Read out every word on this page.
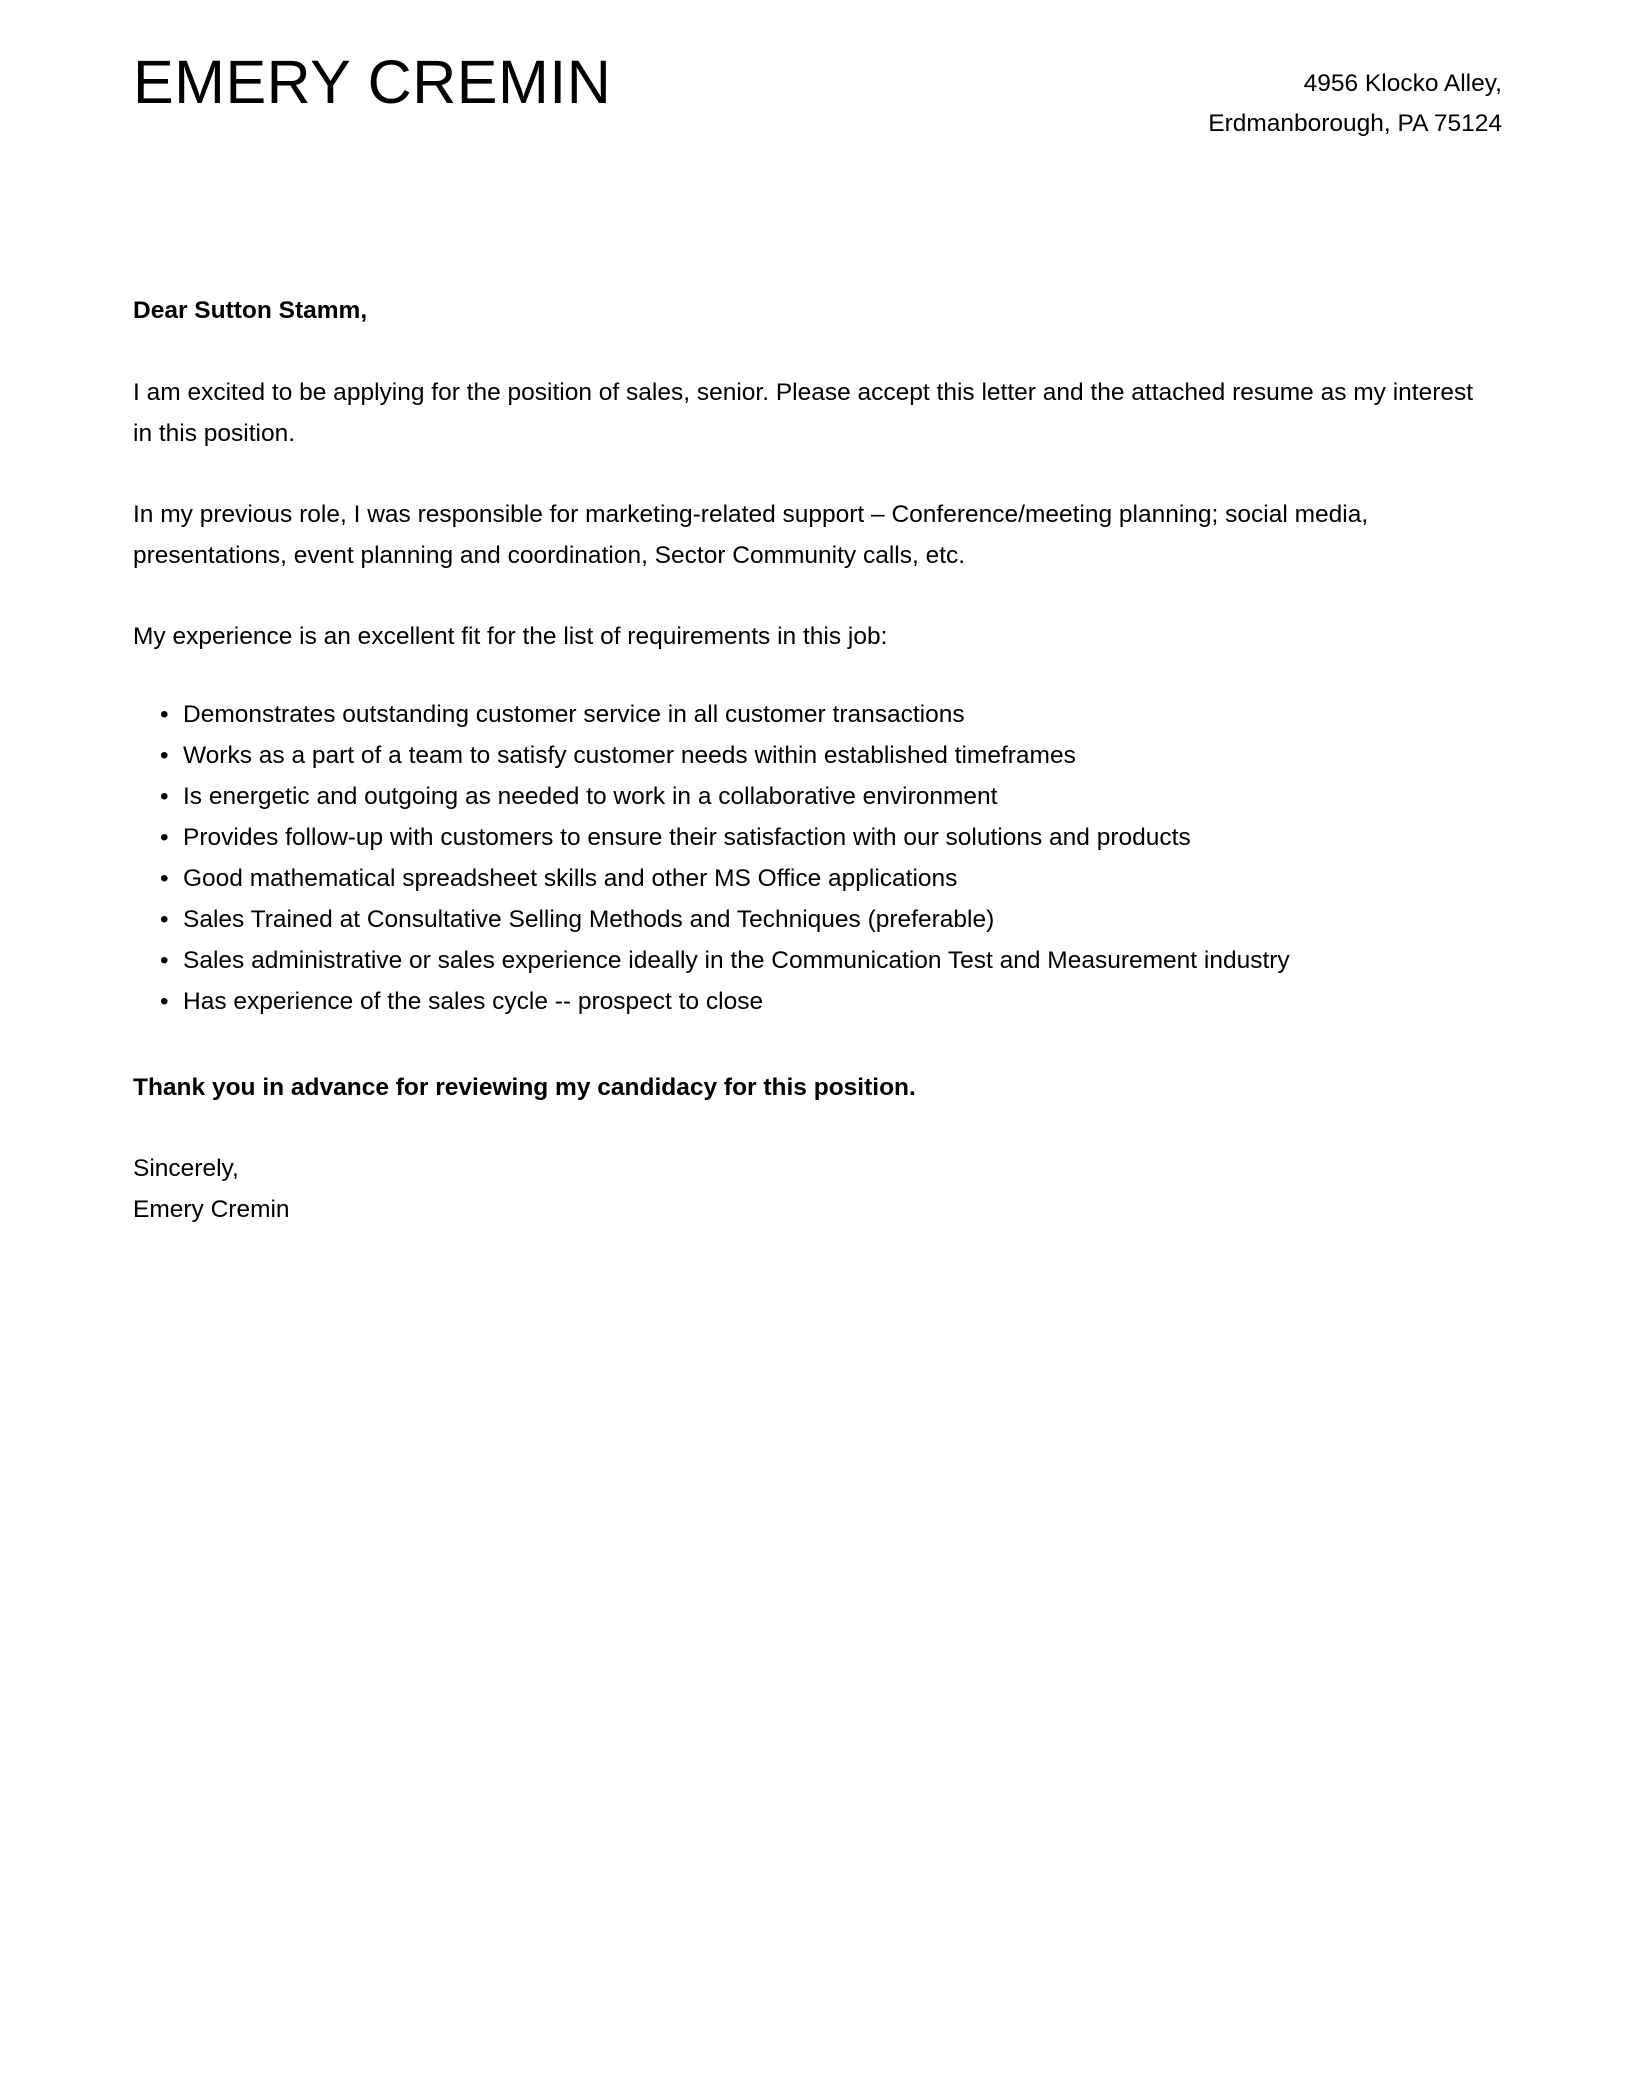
EMERY CREMIN	4956 Klocko Alley,
Erdmanborough, PA 75124

Dear Sutton Stamm,

I am excited to be applying for the position of sales, senior. Please accept this letter and the attached resume as my interest in this position.

In my previous role, I was responsible for marketing-related support – Conference/meeting planning; social media, presentations, event planning and coordination, Sector Community calls, etc.

My experience is an excellent fit for the list of requirements in this job:

• Demonstrates outstanding customer service in all customer transactions
• Works as a part of a team to satisfy customer needs within established timeframes
• Is energetic and outgoing as needed to work in a collaborative environment
• Provides follow-up with customers to ensure their satisfaction with our solutions and products
• Good mathematical spreadsheet skills and other MS Office applications
• Sales Trained at Consultative Selling Methods and Techniques (preferable)
• Sales administrative or sales experience ideally in the Communication Test and Measurement industry
• Has experience of the sales cycle -- prospect to close

Thank you in advance for reviewing my candidacy for this position.

Sincerely,
Emery Cremin
